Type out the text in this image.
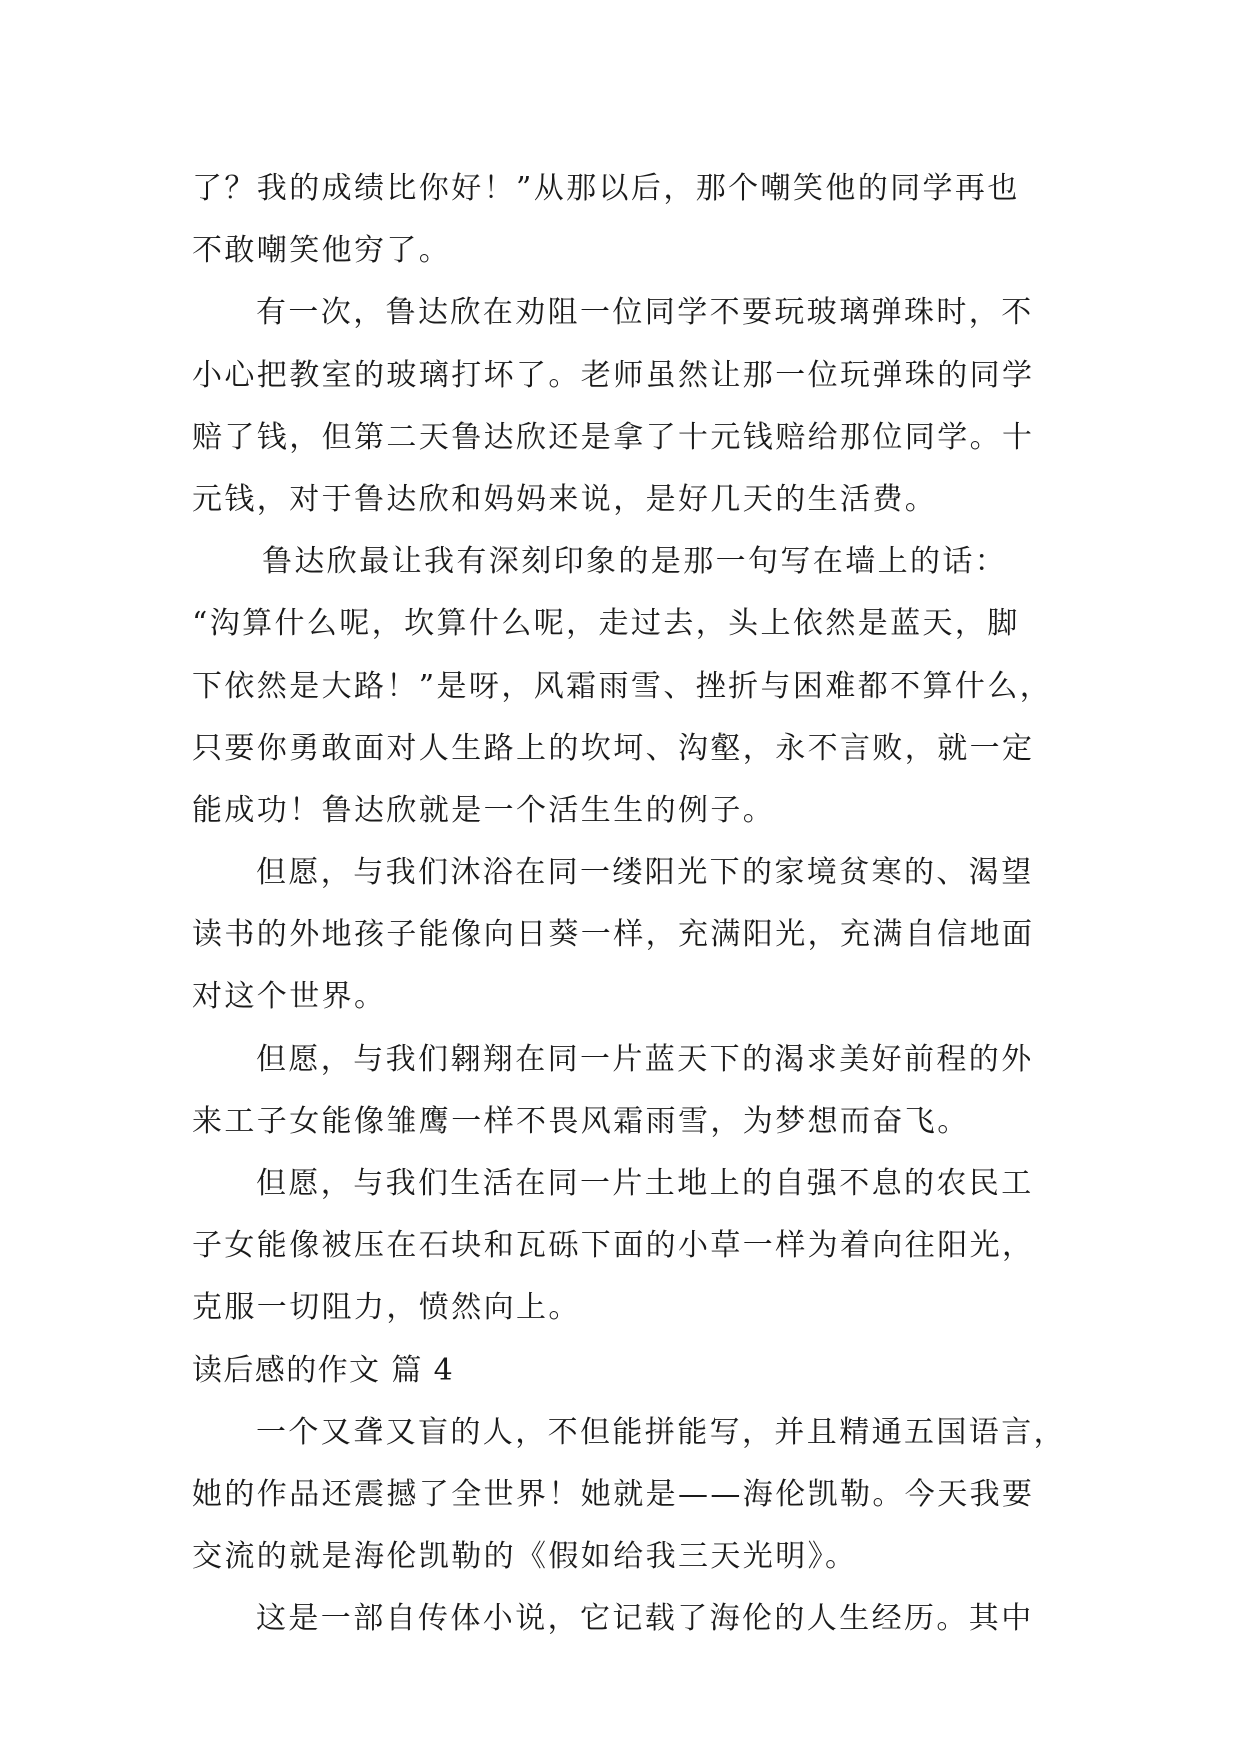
了？我的成绩比你好！”从那以后，那个嘲笑他的同学再也
不敢嘲笑他穷了。
有一次，鲁达欣在劝阻一位同学不要玩玻璃弹珠时，不
小心把教室的玻璃打坏了。老师虽然让那一位玩弹珠的同学
赔了钱，但第二天鲁达欣还是拿了十元钱赔给那位同学。十
元钱，对于鲁达欣和妈妈来说，是好几天的生活费。
鲁达欣最让我有深刻印象的是那一句写在墙上的话：
“沟算什么呢，坎算什么呢，走过去，头上依然是蓝天，脚
下依然是大路！”是呀，风霜雨雪、挫折与困难都不算什么，
只要你勇敢面对人生路上的坎坷、沟壑，永不言败，就一定
能成功！鲁达欣就是一个活生生的例子。
但愿，与我们沐浴在同一缕阳光下的家境贫寒的、渴望
读书的外地孩子能像向日葵一样，充满阳光，充满自信地面
对这个世界。
但愿，与我们翱翔在同一片蓝天下的渴求美好前程的外
来工子女能像雏鹰一样不畏风霜雨雪，为梦想而奋飞。
但愿，与我们生活在同一片土地上的自强不息的农民工
子女能像被压在石块和瓦砾下面的小草一样为着向往阳光，
克服一切阻力，愤然向上。
读后感的作文 篇 4
一个又聋又盲的人，不但能拼能写，并且精通五国语言，
她的作品还震撼了全世界！她就是——海伦凯勒。今天我要
交流的就是海伦凯勒的《假如给我三天光明》。
这是一部自传体小说，它记载了海伦的人生经历。其中
